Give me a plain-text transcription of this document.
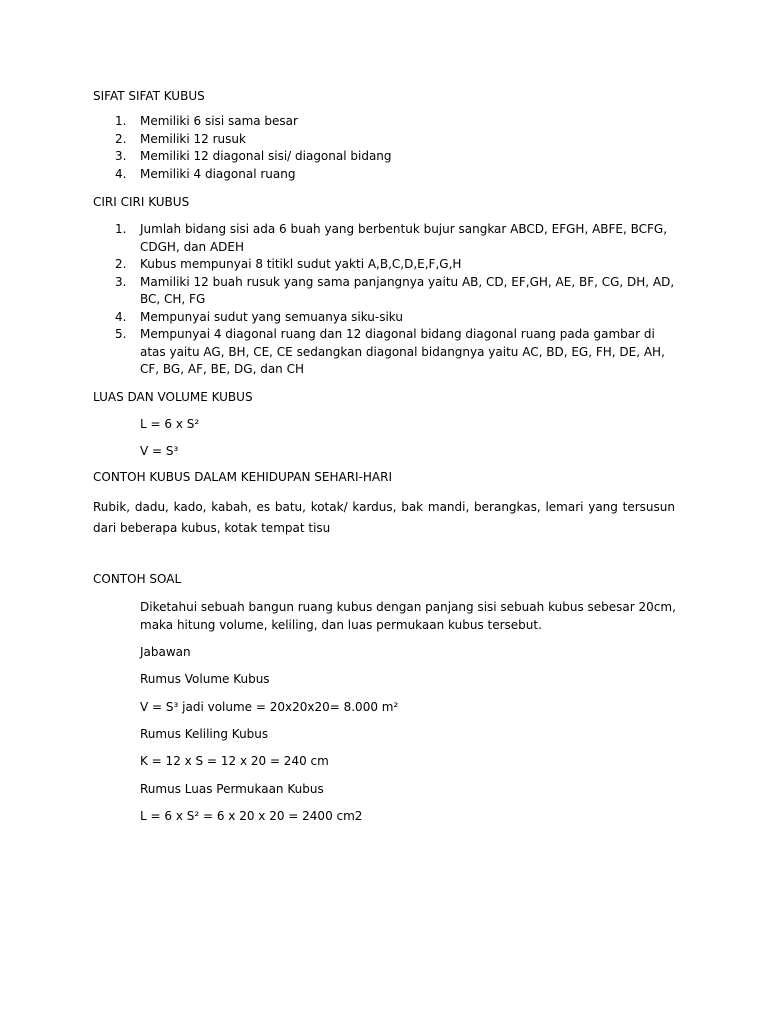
SIFAT SIFAT KUBUS
1. Memiliki 6 sisi sama besar
2. Memiliki 12 rusuk
3. Memiliki 12 diagonal sisi/ diagonal bidang
4. Memiliki 4 diagonal ruang
CIRI CIRI KUBUS
1. Jumlah bidang sisi ada 6 buah yang berbentuk bujur sangkar ABCD, EFGH, ABFE, BCFG, CDGH, dan ADEH
2. Kubus mempunyai 8 titikl sudut yakti A,B,C,D,E,F,G,H
3. Mamiliki 12 buah rusuk yang sama panjangnya yaitu AB, CD, EF,GH, AE, BF, CG, DH, AD, BC, CH, FG
4. Mempunyai sudut yang semuanya siku-siku
5. Mempunyai 4 diagonal ruang dan 12 diagonal bidang diagonal ruang pada gambar di atas yaitu AG, BH, CE, CE sedangkan diagonal bidangnya yaitu AC, BD, EG, FH, DE, AH, CF, BG, AF, BE, DG, dan CH
LUAS DAN VOLUME KUBUS
L = 6 x S²
V = S³
CONTOH KUBUS DALAM KEHIDUPAN SEHARI-HARI
Rubik, dadu, kado, kabah, es batu, kotak/ kardus, bak mandi, berangkas, lemari yang tersusun dari beberapa kubus, kotak tempat tisu
CONTOH SOAL
Diketahui sebuah bangun ruang kubus dengan panjang sisi sebuah kubus sebesar 20cm, maka hitung volume, keliling, dan luas permukaan kubus tersebut.
Jabawan
Rumus Volume Kubus
V = S³ jadi volume = 20x20x20= 8.000 m²
Rumus Keliling Kubus
K = 12 x S = 12 x 20 = 240 cm
Rumus Luas Permukaan Kubus
L = 6 x S² = 6 x 20 x 20 = 2400 cm2
